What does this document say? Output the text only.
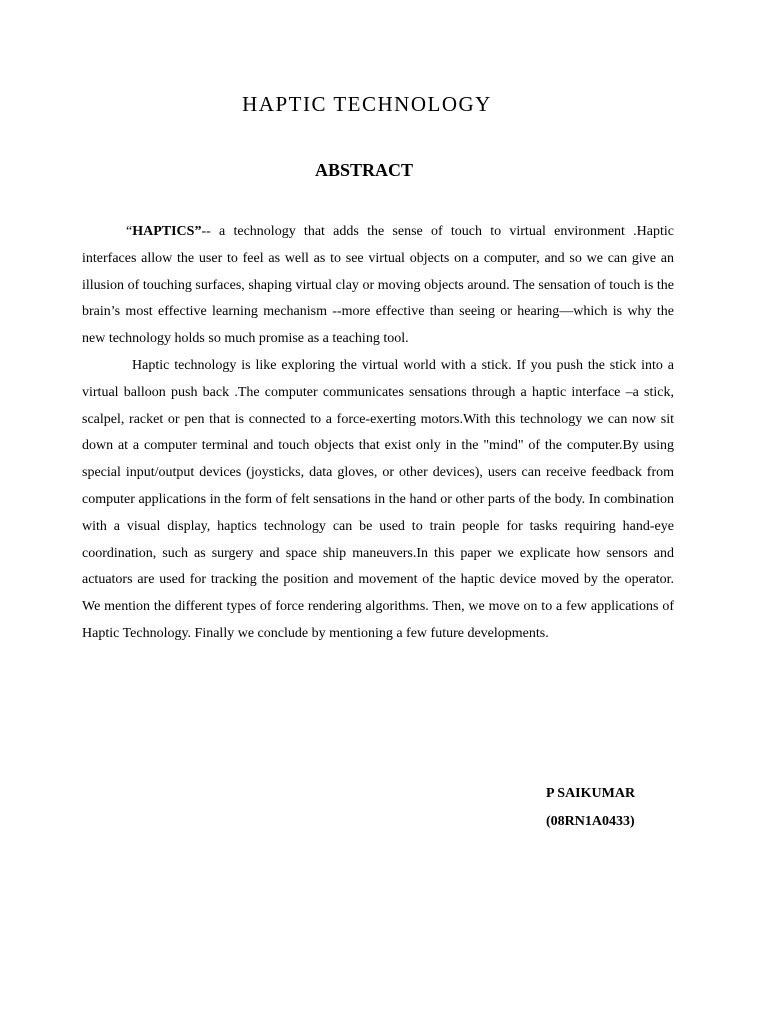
HAPTIC TECHNOLOGY
ABSTRACT

“HAPTICS”-- a technology that adds the sense of touch to virtual environment .Haptic interfaces allow the user to feel as well as to see virtual objects on a computer, and so we can give an illusion of touching surfaces, shaping virtual clay or moving objects around. The sensation of touch is the brain’s most effective learning mechanism --more effective than seeing or hearing—which is why the new technology holds so much promise as a teaching tool.

Haptic technology is like exploring the virtual world with a stick. If you push the stick into a virtual balloon push back .The computer communicates sensations through a haptic interface –a stick, scalpel, racket or pen that is connected to a force-exerting motors.With this technology we can now sit down at a computer terminal and touch objects that exist only in the "mind" of the computer.By using special input/output devices (joysticks, data gloves, or other devices), users can receive feedback from computer applications in the form of felt sensations in the hand or other parts of the body. In combination with a visual display, haptics technology can be used to train people for tasks requiring hand-eye coordination, such as surgery and space ship maneuvers.In this paper we explicate how sensors and actuators are used for tracking the position and movement of the haptic device moved by the operator. We mention the different types of force rendering algorithms. Then, we move on to a few applications of Haptic Technology. Finally we conclude by mentioning a few future developments.

P SAIKUMAR
(08RN1A0433)
